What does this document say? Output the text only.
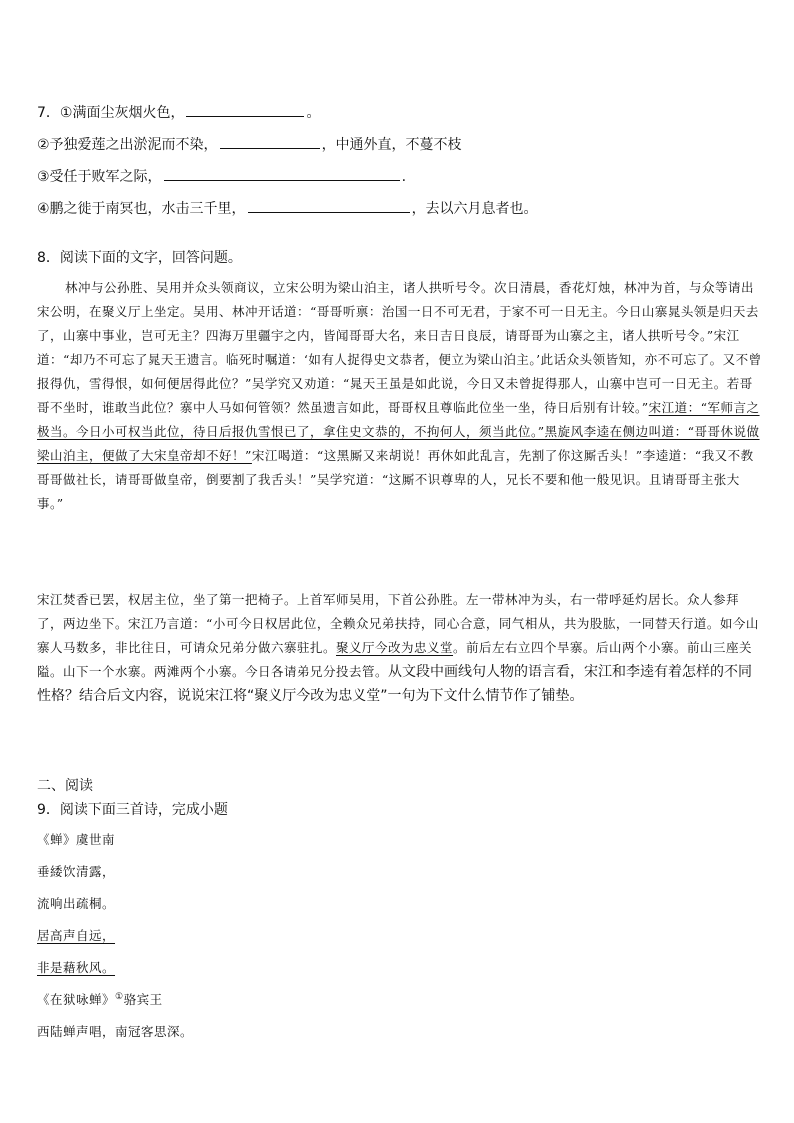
7．①满面尘灰烟火色，	。
②予独爱莲之出淤泥而不染，	，中通外直，不蔓不枝
③受任于败军之际，	.
④鹏之徙于南冥也，水击三千里，	，去以六月息者也。
8．阅读下面的文字，回答问题。
林冲与公孙胜、吴用并众头领商议，立宋公明为梁山泊主，诸人拱听号令。次日清晨，香花灯烛，林冲为首，与众等请出宋公明，在聚义厅上坐定。吴用、林冲开话道：“哥哥听禀：治国一日不可无君，于家不可一日无主。今日山寨晁头领是归天去了，山寨中事业，岂可无主？四海万里疆宇之内，皆闻哥哥大名，来日吉日良辰，请哥哥为山寨之主，诸人拱听号令。”宋江道：“却乃不可忘了晁天王遗言。临死时嘱道：‘如有人捉得史文恭者，便立为梁山泊主。’此话众头领皆知，亦不可忘了。又不曾报得仇，雪得恨，如何便居得此位？”吴学究又劝道：“晁天王虽是如此说，今日又未曾捉得那人，山寨中岂可一日无主。若哥哥不坐时，谁敢当此位？寨中人马如何管领？然虽遗言如此，哥哥权且尊临此位坐一坐，待日后别有计较。”宋江道：“军师言之极当。今日小可权当此位，待日后报仇雪恨已了，拿住史文恭的，不拘何人，须当此位。”黑旋风李逵在侧边叫道：“哥哥休说做梁山泊主，便做了大宋皇帝却不好！”宋江喝道：“这黑厮又来胡说！再休如此乱言，先割了你这厮舌头！”李逵道：“我又不教哥哥做社长，请哥哥做皇帝，倒要割了我舌头！”吴学究道：“这厮不识尊卑的人，兄长不要和他一般见识。且请哥哥主张大事。”
宋江焚香已罢，权居主位，坐了第一把椅子。上首军师吴用，下首公孙胜。左一带林冲为头，右一带呼延灼居长。众人参拜了，两边坐下。宋江乃言道：“小可今日权居此位，全赖众兄弟扶持，同心合意，同气相从，共为股肱，一同替天行道。如今山寨人马数多，非比往日，可请众兄弟分做六寨驻扎。聚义厅今改为忠义堂。前后左右立四个旱寨。后山两个小寨。前山三座关隘。山下一个水寨。两滩两个小寨。今日各请弟兄分投去管。从文段中画线句人物的语言看，宋江和李逵有着怎样的不同性格？结合后文内容，说说宋江将“聚义厅今改为忠义堂”一句为下文什么情节作了铺垫。
二、阅读
9．阅读下面三首诗，完成小题
《蝉》虞世南
垂緌饮清露，
流响出疏桐。
居高声自远，
非是藉秋风。
《在狱咏蝉》①骆宾王
西陆蝉声唱，南冠客思深。
